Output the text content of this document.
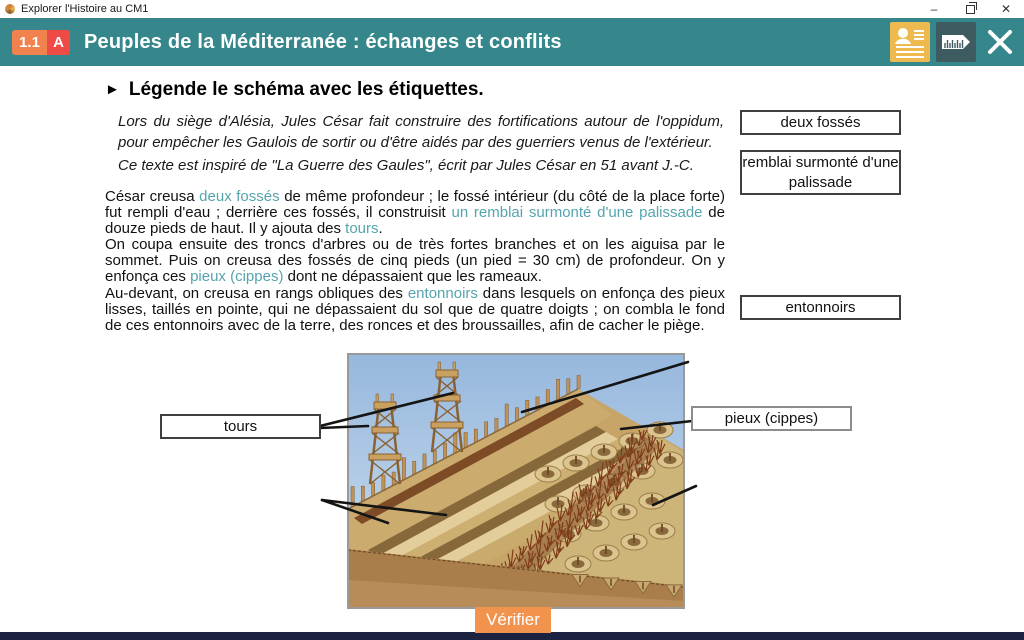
Explorer l'Histoire au CM1	–	✕
1.1 A	Peuples de la Méditerranée : échanges et conflits
► Légende le schéma avec les étiquettes.
Lors du siège d'Alésia, Jules César fait construire des fortifications autour de l'oppidum, pour empêcher les Gaulois de sortir ou d'être aidés par des guerriers venus de l'extérieur.
Ce texte est inspiré de "La Guerre des Gaules", écrit par Jules César en 51 avant J.-C.
César creusa deux fossés de même profondeur ; le fossé intérieur (du côté de la place forte) fut rempli d'eau ; derrière ces fossés, il construisit un remblai surmonté d'une palissade de douze pieds de haut. Il y ajouta des tours.
On coupa ensuite des troncs d'arbres ou de très fortes branches et on les aiguisa par le sommet. Puis on creusa des fossés de cinq pieds (un pied = 30 cm) de profondeur. On y enfonça ces pieux (cippes) dont ne dépassaient que les rameaux.
Au-devant, on creusa en rangs obliques des entonnoirs dans lesquels on enfonça des pieux lisses, taillés en pointe, qui ne dépassaient du sol que de quatre doigts ; on combla le fond de ces entonnoirs avec de la terre, des ronces et des broussailles, afin de cacher le piège.
deux fossés
remblai surmonté d'une palissade
entonnoirs
tours	pieux (cippes)
Vérifier
